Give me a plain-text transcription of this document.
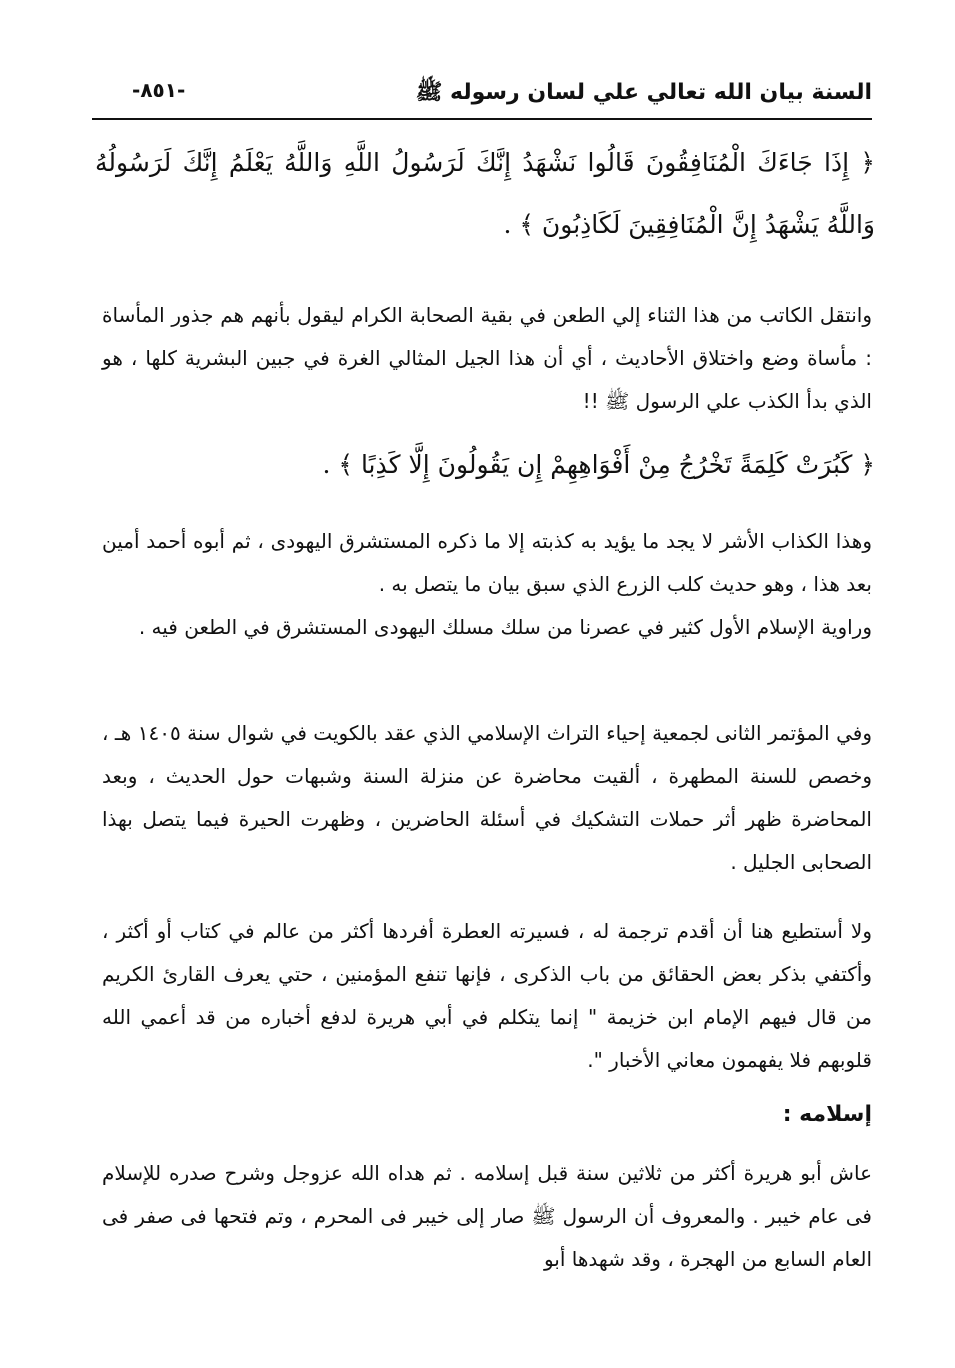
السنة بيان الله تعالي علي لسان رسوله ﷺ
-٨٥١-
﴿ إِذَا جَاءَكَ الْمُنَافِقُونَ قَالُوا نَشْهَدُ إِنَّكَ لَرَسُولُ اللَّهِ وَاللَّهُ يَعْلَمُ إِنَّكَ لَرَسُولُهُ وَاللَّهُ يَشْهَدُ إِنَّ الْمُنَافِقِينَ لَكَاذِبُونَ ﴾ .
وانتقل الكاتب من هذا الثناء إلي الطعن في بقية الصحابة الكرام ليقول بأنهم هم جذور المأساة : مأساة وضع واختلاق الأحاديث ، أي أن هذا الجيل المثالي الغرة في جبين البشرية كلها ، هو الذي بدأ الكذب علي الرسول ﷺ !!
﴿ كَبُرَتْ كَلِمَةً تَخْرُجُ مِنْ أَفْوَاهِهِمْ إِن يَقُولُونَ إِلَّا كَذِبًا ﴾ .

وهذا الكذاب الأشر لا يجد ما يؤيد به كذبته إلا ما ذكره المستشرق اليهودى ، ثم أبوه أحمد أمين بعد هذا ، وهو حديث كلب الزرع الذي سبق بيان ما يتصل به .

وراوية الإسلام الأول كثير في عصرنا من سلك مسلك اليهودى المستشرق في الطعن فيه .

وفي المؤتمر الثانى لجمعية إحياء التراث الإسلامي الذي عقد بالكويت في شوال سنة ١٤٠٥ هـ ، وخصص للسنة المطهرة ، ألقيت محاضرة عن منزلة السنة وشبهات حول الحديث ، وبعد المحاضرة ظهر أثر حملات التشكيك في أسئلة الحاضرين ، وظهرت الحيرة فيما يتصل بهذا الصحابى الجليل .
ولا أستطيع هنا أن أقدم ترجمة له ، فسيرته العطرة أفردها أكثر من عالم في كتاب أو أكثر ، وأكتفي بذكر بعض الحقائق من باب الذكرى ، فإنها تنفع المؤمنين ، حتي يعرف القارئ الكريم من قال فيهم الإمام ابن خزيمة " إنما يتكلم في أبي هريرة لدفع أخباره من قد أعمي الله قلوبهم فلا يفهمون معاني الأخبار ".
إسلامه :
عاش أبو هريرة أكثر من ثلاثين سنة قبل إسلامه . ثم هداه الله عزوجل وشرح صدره للإسلام فى عام خيبر . والمعروف أن الرسول ﷺ صار إلى خيبر فى المحرم ، وتم فتحها فى صفر فى العام السابع من الهجرة ، وقد شهدها أبو
